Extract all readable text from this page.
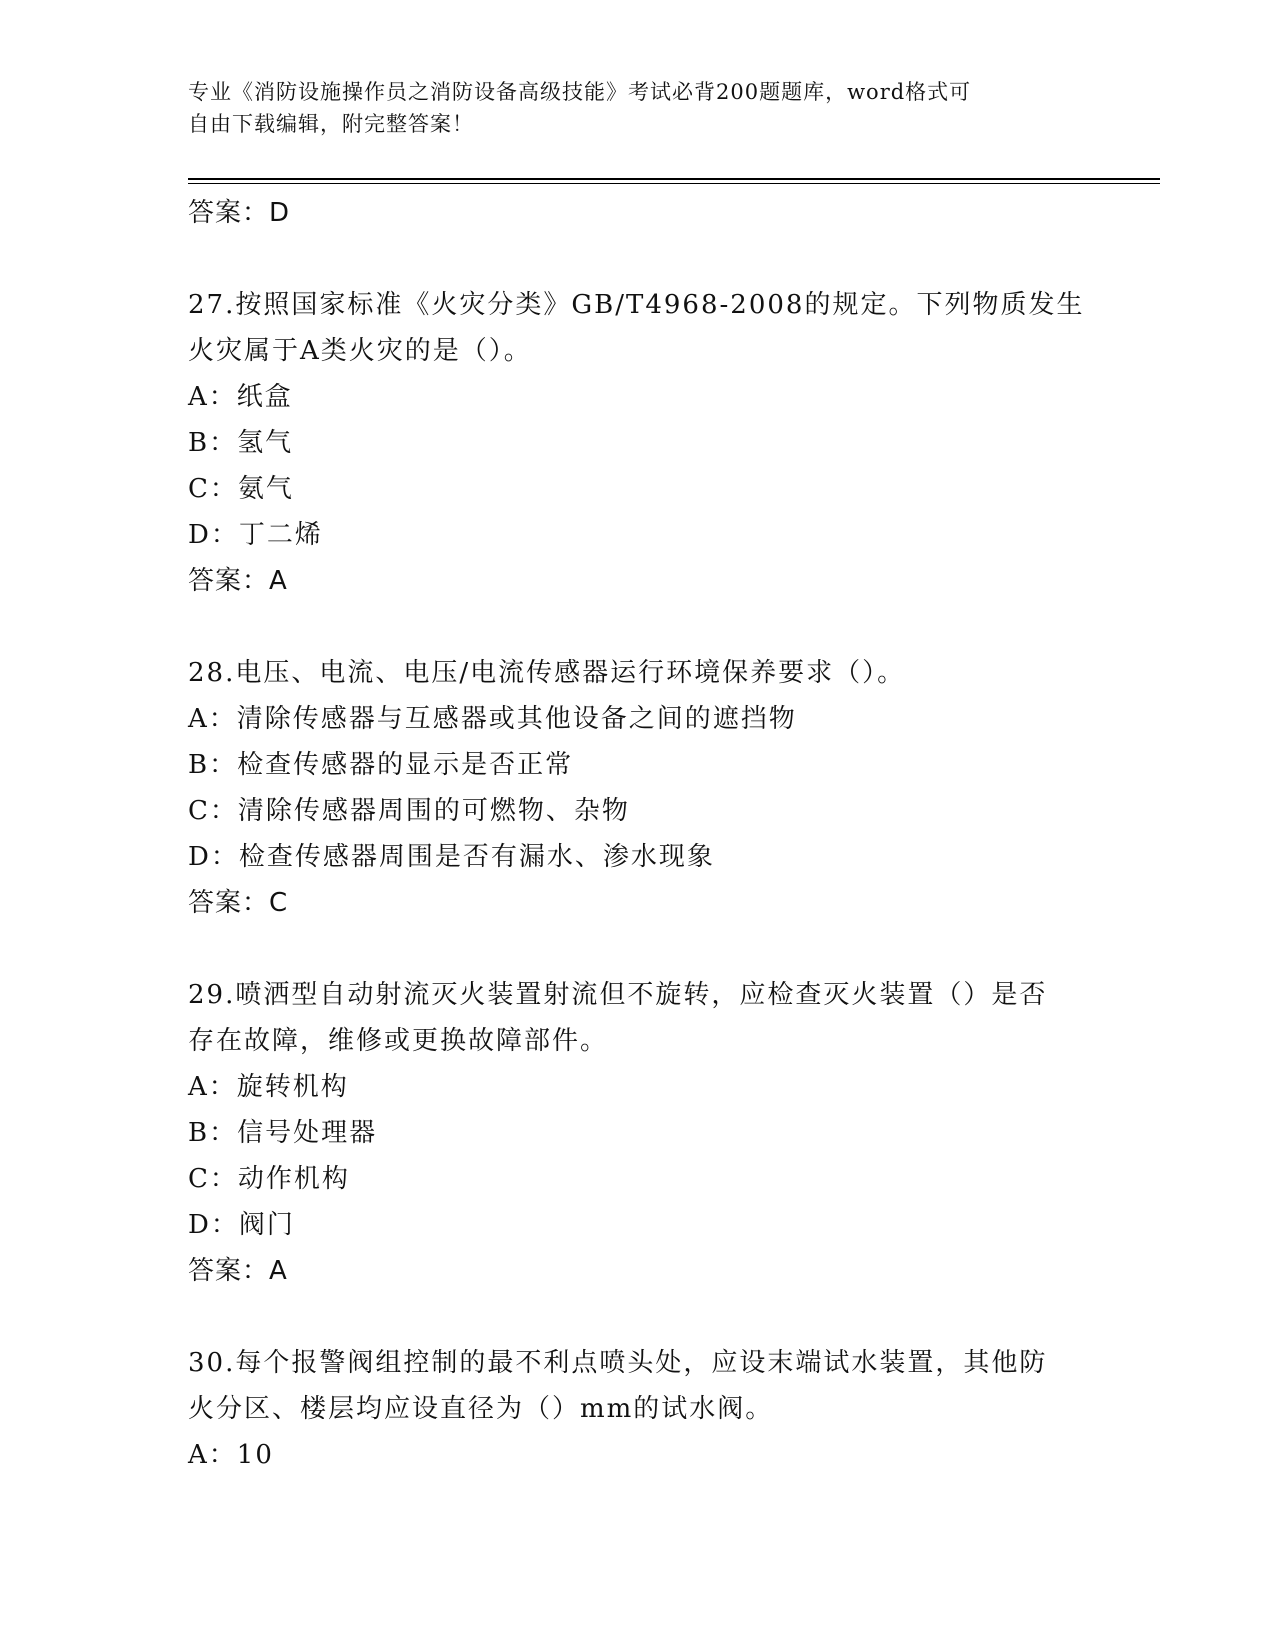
专业《消防设施操作员之消防设备高级技能》考试必背200题题库，word格式可
自由下载编辑，附完整答案！
答案：D
27.按照国家标准《火灾分类》GB/T4968-2008的规定。下列物质发生
火灾属于A类火灾的是（）。
A：纸盒
B：氢气
C：氨气
D：丁二烯
答案：A
28.电压、电流、电压/电流传感器运行环境保养要求（）。
A：清除传感器与互感器或其他设备之间的遮挡物
B：检查传感器的显示是否正常
C：清除传感器周围的可燃物、杂物
D：检查传感器周围是否有漏水、渗水现象
答案：C
29.喷洒型自动射流灭火装置射流但不旋转，应检查灭火装置（）是否
存在故障，维修或更换故障部件。
A：旋转机构
B：信号处理器
C：动作机构
D：阀门
答案：A
30.每个报警阀组控制的最不利点喷头处，应设末端试水装置，其他防
火分区、楼层均应设直径为（）mm的试水阀。
A：10
